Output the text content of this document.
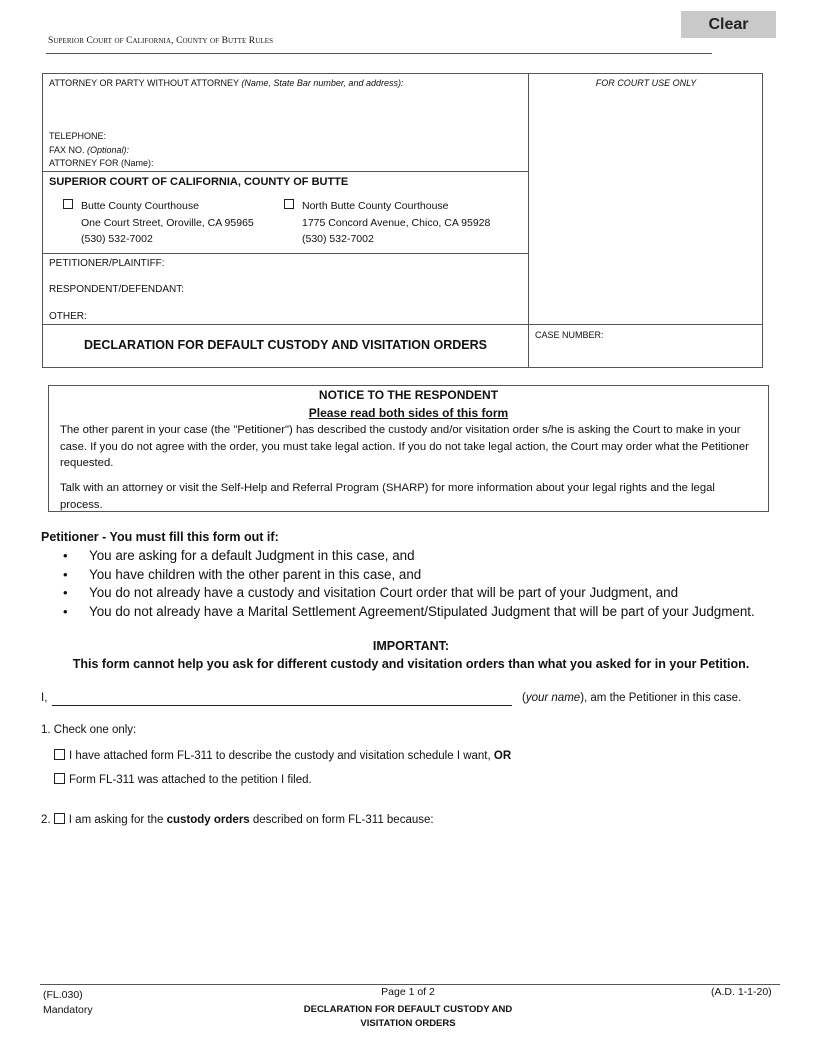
Clear
Superior Court of California, County of Butte Rules
ATTORNEY OR PARTY WITHOUT ATTORNEY (Name, State Bar number, and address):	FOR COURT USE ONLY
TELEPHONE:
FAX NO. (Optional):
ATTORNEY FOR (Name):
SUPERIOR COURT OF CALIFORNIA, COUNTY OF BUTTE
Butte County Courthouse
One Court Street, Oroville, CA 95965
(530) 532-7002
North Butte County Courthouse
1775 Concord Avenue, Chico, CA 95928
(530) 532-7002
PETITIONER/PLAINTIFF:
RESPONDENT/DEFENDANT:
OTHER:
DECLARATION FOR DEFAULT CUSTODY AND VISITATION ORDERS
CASE NUMBER:
NOTICE TO THE RESPONDENT
Please read both sides of this form
The other parent in your case (the "Petitioner") has described the custody and/or visitation order s/he is asking the Court to make in your case. If you do not agree with the order, you must take legal action. If you do not take legal action, the Court may order what the Petitioner requested.
Talk with an attorney or visit the Self-Help and Referral Program (SHARP) for more information about your legal rights and the legal process.
Petitioner - You must fill this form out if:
• You are asking for a default Judgment in this case, and
• You have children with the other parent in this case, and
• You do not already have a custody and visitation Court order that will be part of your Judgment, and
• You do not already have a Marital Settlement Agreement/Stipulated Judgment that will be part of your Judgment.
IMPORTANT:
This form cannot help you ask for different custody and visitation orders than what you asked for in your Petition.
I,	(your name), am the Petitioner in this case.
1. Check one only:
I have attached form FL-311 to describe the custody and visitation schedule I want, OR
Form FL-311 was attached to the petition I filed.
2. I am asking for the custody orders described on form FL-311 because:
(FL.030)
Mandatory
Page 1 of 2
DECLARATION FOR DEFAULT CUSTODY AND
VISITATION ORDERS
(A.D. 1-1-20)
